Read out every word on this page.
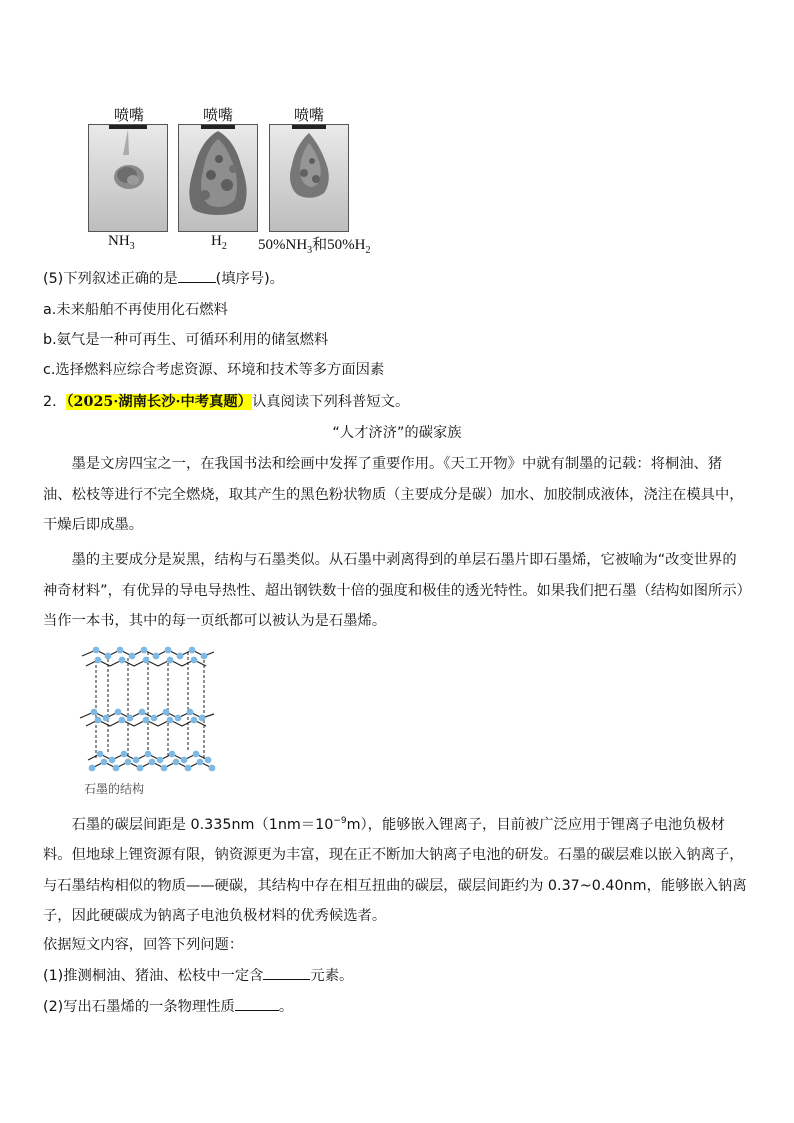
喷嘴	喷嘴	喷嘴
$NH_3$	$H_2$ $50\%NH_3$和$50\%H_2$
(5)下列叙述正确的是	(填序号)。
a.未来船舶不再使用化石燃料
b.氨气是一种可再生、可循环利用的储氢燃料
c.选择燃料应综合考虑资源、环境和技术等多方面因素
2．（2025·湖南长沙·中考真题）认真阅读下列科普短文。
“人才济济”的碳家族
墨是文房四宝之一，在我国书法和绘画中发挥了重要作用。《天工开物》中就有制墨的记载：将桐油、猪油、松枝等进行不完全燃烧，取其产生的黑色粉状物质（主要成分是碳）加水、加胶制成液体，浇注在模具中，干燥后即成墨。
墨的主要成分是炭黑，结构与石墨类似。从石墨中剥离得到的单层石墨片即石墨烯，它被喻为“改变世界的神奇材料”，有优异的导电导热性、超出钢铁数十倍的强度和极佳的透光特性。如果我们把石墨（结构如图所示）当作一本书，其中的每一页纸都可以被认为是石墨烯。
石墨的结构
石墨的碳层间距是 $0.335nm(1nm=10^{-9}m)$，能够嵌入锂离子，目前被广泛应用于锂离子电池负极材料。但地球上锂资源有限，钠资源更为丰富，现在正不断加大钠离子电池的研发。石墨的碳层难以嵌入钠离子，与石墨结构相似的物质——硬碳，其结构中存在相互扭曲的碳层，碳层间距约为 0.37~0.40nm，能够嵌入钠离子，因此硬碳成为钠离子电池负极材料的优秀候选者。
依据短文内容，回答下列问题：
(1)推测桐油、猪油、松枝中一定含	元素。
(2)写出石墨烯的一条物理性质	。
